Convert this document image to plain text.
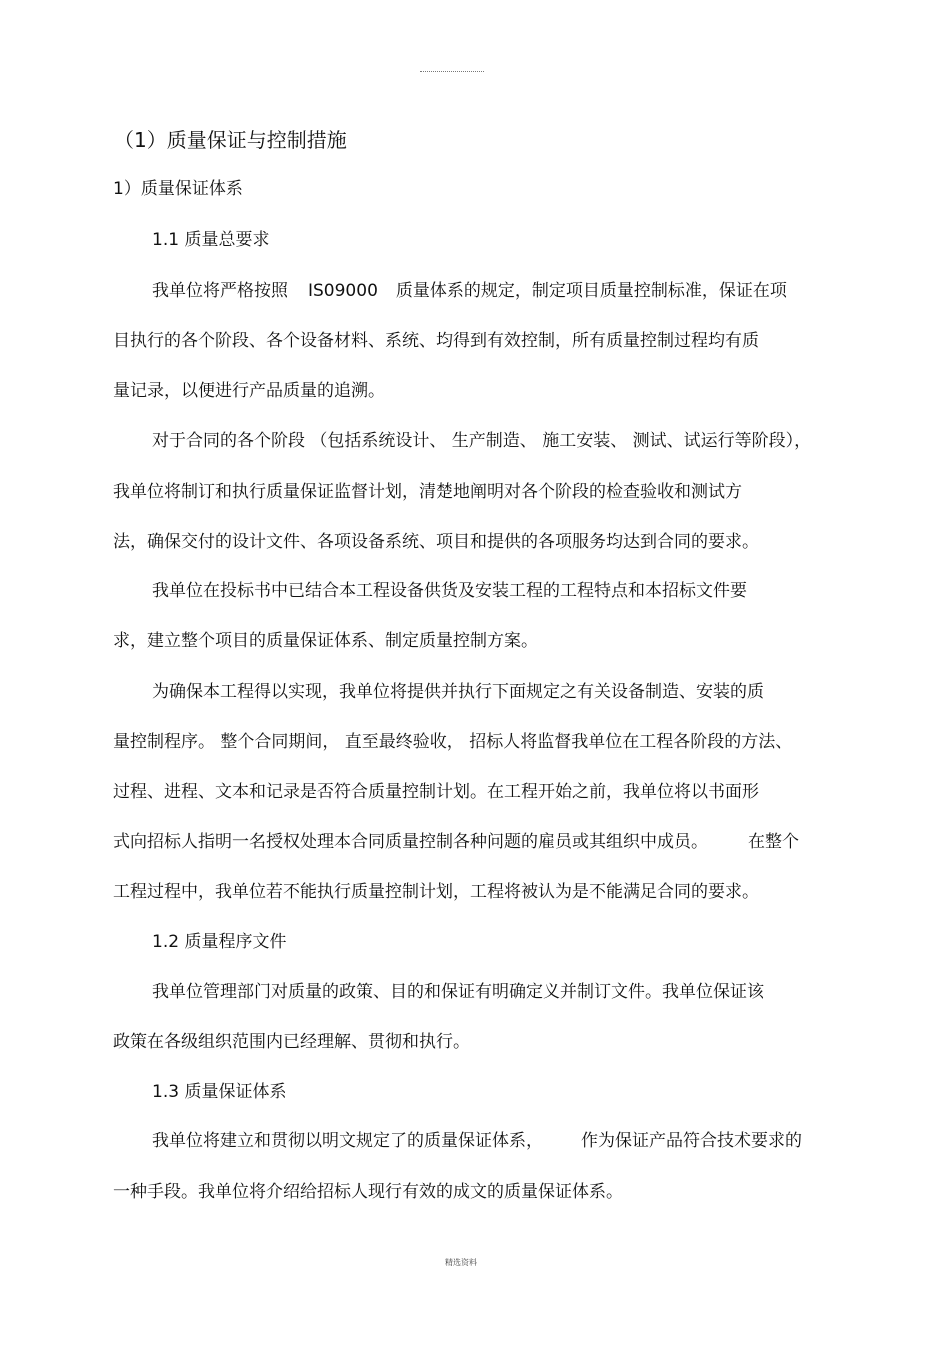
（1）质量保证与控制措施
1）质量保证体系
1.1 质量总要求
我单位将严格按照 IS09000 质量体系的规定，制定项目质量控制标准，保证在项
目执行的各个阶段、各个设备材料、系统、均得到有效控制，所有质量控制过程均有质
量记录，以便进行产品质量的追溯。
对于合同的各个阶段 （包括系统设计、 生产制造、 施工安装、 测试、试运行等阶段），
我单位将制订和执行质量保证监督计划，清楚地阐明对各个阶段的检查验收和测试方
法，确保交付的设计文件、各项设备系统、项目和提供的各项服务均达到合同的要求。
我单位在投标书中已结合本工程设备供货及安装工程的工程特点和本招标文件要
求，建立整个项目的质量保证体系、制定质量控制方案。
为确保本工程得以实现，我单位将提供并执行下面规定之有关设备制造、安装的质
量控制程序。 整个合同期间， 直至最终验收， 招标人将监督我单位在工程各阶段的方法、
过程、进程、文本和记录是否符合质量控制计划。在工程开始之前，我单位将以书面形
式向招标人指明一名授权处理本合同质量控制各种问题的雇员或其组织中成员。 在整个
工程过程中，我单位若不能执行质量控制计划，工程将被认为是不能满足合同的要求。
1.2 质量程序文件
我单位管理部门对质量的政策、目的和保证有明确定义并制订文件。我单位保证该
政策在各级组织范围内已经理解、贯彻和执行。
1.3 质量保证体系
我单位将建立和贯彻以明文规定了的质量保证体系， 作为保证产品符合技术要求的
一种手段。我单位将介绍给招标人现行有效的成文的质量保证体系。
精选资料
